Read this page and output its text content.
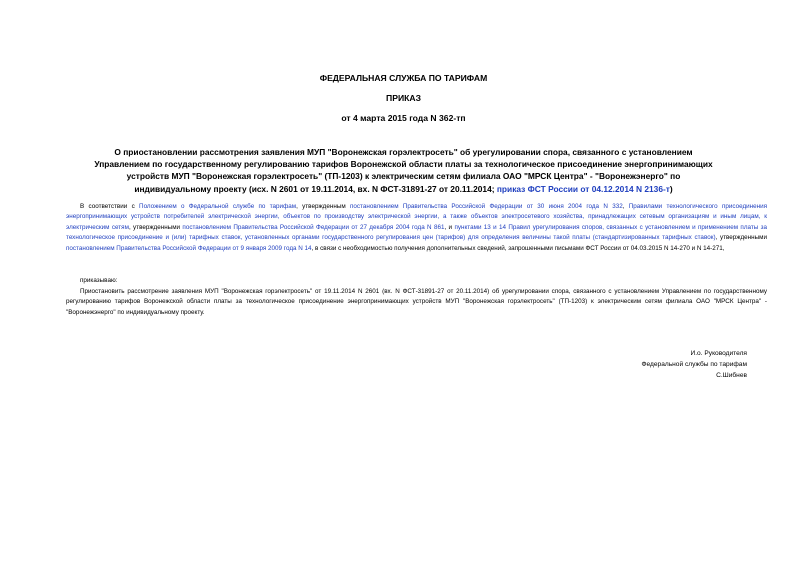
ФЕДЕРАЛЬНАЯ СЛУЖБА ПО ТАРИФАМ
ПРИКАЗ
от 4 марта 2015 года N 362-тп
О приостановлении рассмотрения заявления МУП "Воронежская горэлектросеть" об урегулировании спора, связанного с установлением Управлением по государственному регулированию тарифов Воронежской области платы за технологическое присоединение энергопринимающих устройств МУП "Воронежская горэлектросеть" (ТП-1203) к электрическим сетям филиала ОАО "МРСК Центра" - "Воронежэнерго" по индивидуальному проекту (исх. N 2601 от 19.11.2014, вх. N ФСТ-31891-27 от 20.11.2014; приказ ФСТ России от 04.12.2014 N 2136-т)
В соответствии с Положением о Федеральной службе по тарифам, утвержденным постановлением Правительства Российской Федерации от 30 июня 2004 года N 332, Правилами технологического присоединения энергопринимающих устройств потребителей электрической энергии, объектов по производству электрической энергии, а также объектов электросетевого хозяйства, принадлежащих сетевым организациям и иным лицам, к электрическим сетям, утвержденными постановлением Правительства Российской Федерации от 27 декабря 2004 года N 861, и пунктами 13 и 14 Правил урегулирования споров, связанных с установлением и применением платы за технологическое присоединение и (или) тарифных ставок, установленных органами государственного регулирования цен (тарифов) для определения величины такой платы (стандартизированных тарифных ставок), утвержденными постановлением Правительства Российской Федерации от 9 января 2009 года N 14, в связи с необходимостью получения дополнительных сведений, запрошенными письмами ФСТ России от 04.03.2015 N 14-270 и N 14-271,
приказываю:
Приостановить рассмотрение заявления МУП "Воронежская горэлектросеть" от 19.11.2014 N 2601 (вх. N ФСТ-31891-27 от 20.11.2014) об урегулировании спора, связанного с установлением Управлением по государственному регулированию тарифов Воронежской области платы за технологическое присоединение энергопринимающих устройств МУП "Воронежская горэлектросеть" (ТП-1203) к электрическим сетям филиала ОАО "МРСК Центра" - "Воронежэнерго" по индивидуальному проекту.
И.о. Руководителя
Федеральной службы по тарифам
С.Шибнев
